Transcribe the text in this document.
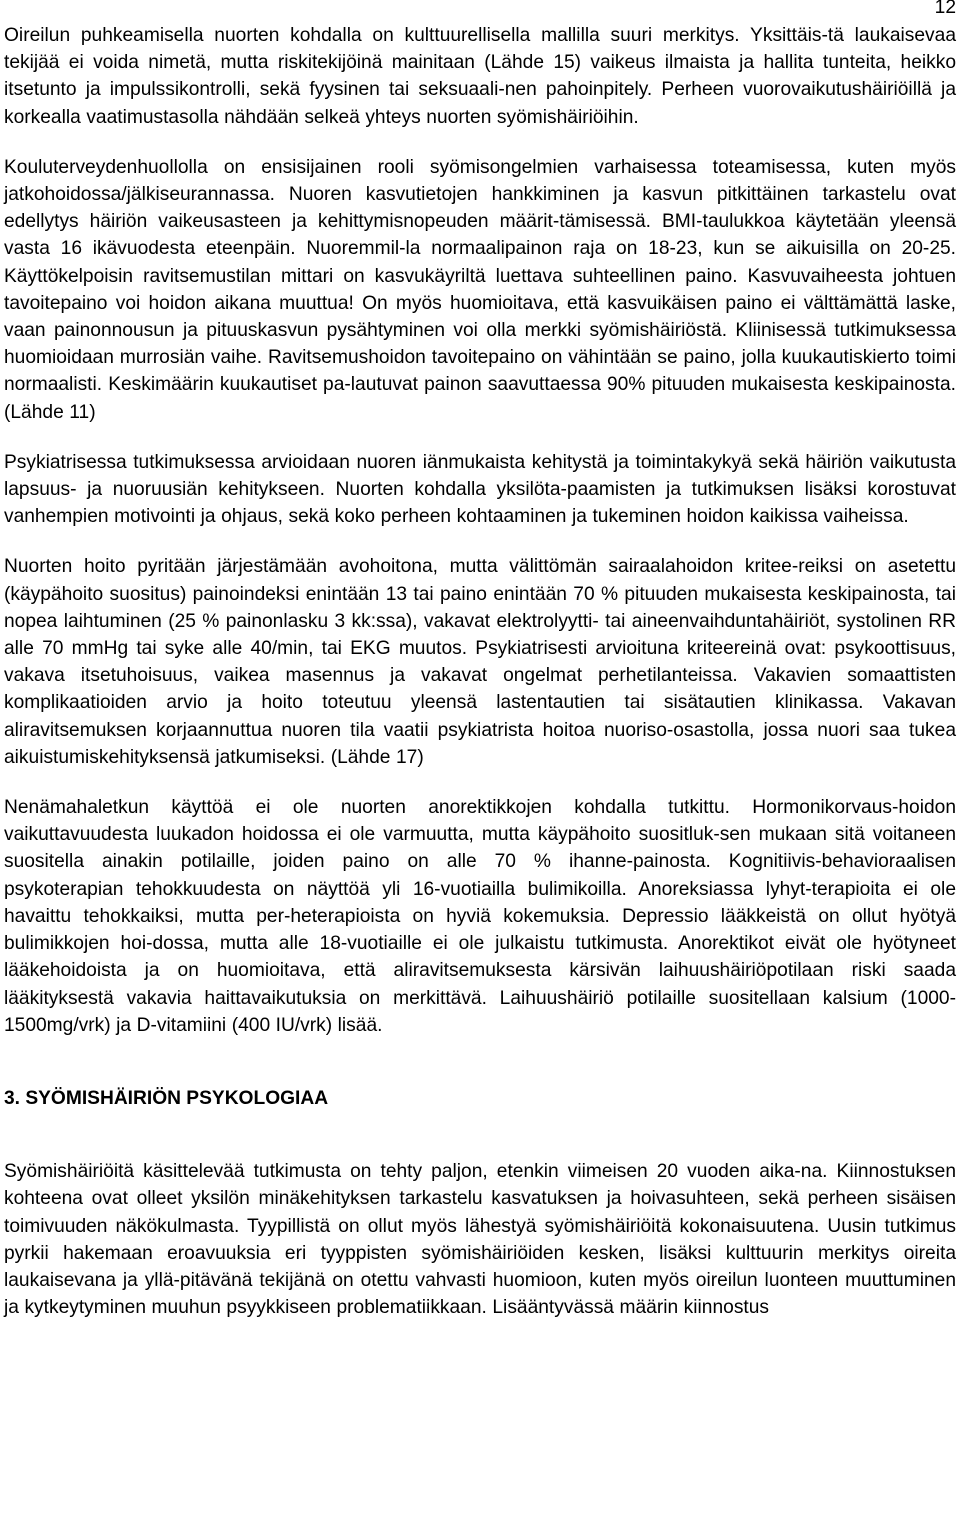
12

Oireilun puhkeamisella nuorten kohdalla on kulttuurellisella mallilla suuri merkitys. Yksittäis-tä laukaisevaa tekijää ei voida nimetä, mutta riskitekijöinä mainitaan (Lähde 15) vaikeus ilmaista ja hallita tunteita, heikko itsetunto ja impulssikontrolli, sekä fyysinen tai seksuaali-nen pahoinpitely. Perheen vuorovaikutushäiriöillä ja korkealla vaatimustasolla nähdään selkeä yhteys nuorten syömishäiriöihin.

Kouluterveydenhuollolla on ensisijainen rooli syömisongelmien varhaisessa toteamisessa, kuten myös jatkohoidossa/jälkiseurannassa. Nuoren kasvutietojen hankkiminen ja kasvun pitkittäinen tarkastelu ovat edellytys häiriön vaikeusasteen ja kehittymisnopeuden määrit-tämisessä. BMI-taulukkoa käytetään yleensä vasta 16 ikävuodesta eteenpäin. Nuoremmil-la normaalipainon raja on 18-23, kun se aikuisilla on 20-25. Käyttökelpoisin ravitsemustilan mittari on kasvukäyriltä luettava suhteellinen paino. Kasvuvaiheesta johtuen tavoitepaino voi hoidon aikana muuttua! On myös huomioitava, että kasvuikäisen paino ei välttämättä laske, vaan painonnousun ja pituuskasvun pysähtyminen voi olla merkki syömishäiriöstä. Kliinisessä tutkimuksessa huomioidaan murrosiän vaihe. Ravitsemushoidon tavoitepaino on vähintään se paino, jolla kuukautiskierto toimi normaalisti. Keskimäärin kuukautiset pa-lautuvat painon saavuttaessa 90% pituuden mukaisesta keskipainosta. (Lähde 11)

Psykiatrisessa tutkimuksessa arvioidaan nuoren iänmukaista kehitystä ja toimintakykyä sekä häiriön vaikutusta lapsuus- ja nuoruusiän kehitykseen. Nuorten kohdalla yksilöta-paamisten ja tutkimuksen lisäksi korostuvat vanhempien motivointi ja ohjaus, sekä koko perheen kohtaaminen ja tukeminen hoidon kaikissa vaiheissa.

Nuorten hoito pyritään järjestämään avohoitona, mutta välittömän sairaalahoidon kritee-reiksi on asetettu (käypähoito suositus) painoindeksi enintään 13 tai paino enintään 70 % pituuden mukaisesta keskipainosta, tai nopea laihtuminen (25 % painonlasku 3 kk:ssa), vakavat elektrolyytti- tai aineenvaihduntahäiriöt, systolinen RR alle 70 mmHg tai syke alle 40/min, tai EKG muutos. Psykiatrisesti arvioituna kriteereinä ovat: psykoottisuus, vakava itsetuhoisuus, vaikea masennus ja vakavat ongelmat perhetilanteissa. Vakavien somaattisten komplikaatioiden arvio ja hoito toteutuu yleensä lastentautien tai sisätautien klinikassa. Vakavan aliravitsemuksen korjaannuttua nuoren tila vaatii psykiatrista hoitoa nuoriso-osastolla, jossa nuori saa tukea aikuistumiskehityksensä jatkumiseksi. (Lähde 17)

Nenämahaletkun käyttöä ei ole nuorten anorektikkojen kohdalla tutkittu. Hormonikorvaus-hoidon vaikuttavuudesta luukadon hoidossa ei ole varmuutta, mutta käypähoito suositluk-sen mukaan sitä voitaneen suositella ainakin potilaille, joiden paino on alle 70 % ihanne-painosta. Kognitiivis-behavioraalisen psykoterapian tehokkuudesta on näyttöä yli 16-vuotiailla bulimikoilla. Anoreksiassa lyhyt-terapioita ei ole havaittu tehokkaiksi, mutta per-heterapioista on hyviä kokemuksia. Depressio lääkkeistä on ollut hyötyä bulimikkojen hoi-dossa, mutta alle 18-vuotiaille ei ole julkaistu tutkimusta. Anorektikot eivät ole hyötyneet lääkehoidoista ja on huomioitava, että aliravitsemuksesta kärsivän laihuushäiriöpotilaan riski saada lääkityksestä vakavia haittavaikutuksia on merkittävä. Laihuushäiriö potilaille suositellaan kalsium (1000-1500mg/vrk) ja D-vitamiini (400 IU/vrk) lisää.

3. SYÖMISHÄIRIÖN PSYKOLOGIAA

Syömishäiriöitä käsittelevää tutkimusta on tehty paljon, etenkin viimeisen 20 vuoden aika-na. Kiinnostuksen kohteena ovat olleet yksilön minäkehityksen tarkastelu kasvatuksen ja hoivasuhteen, sekä perheen sisäisen toimivuuden näkökulmasta. Tyypillistä on ollut myös lähestyä syömishäiriöitä kokonaisuutena. Uusin tutkimus pyrkii hakemaan eroavuuksia eri tyyppisten syömishäiriöiden kesken, lisäksi kulttuurin merkitys oireita laukaisevana ja yllä-pitävänä tekijänä on otettu vahvasti huomioon, kuten myös oireilun luonteen muuttuminen ja kytkeytyminen muuhun psyykkiseen problematiikkaan. Lisääntyvässä määrin kiinnostus
